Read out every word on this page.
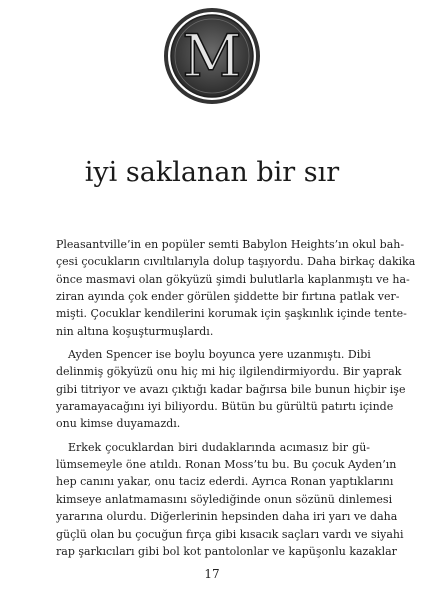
M
iyi saklanan bir sır
Pleasantville’in en popüler semti Babylon Heights’ın okul bah-
çesi çocukların cıvıltılarıyla dolup taşıyordu. Daha birkaç dakika
önce masmavi olan gökyüzü şimdi bulutlarla kaplanmıştı ve ha-
ziran ayında çok ender görülen şiddette bir fırtına patlak ver-
mişti. Çocuklar kendilerini korumak için şaşkınlık içinde tente-
nin altına koşuşturmuşlardı.
Ayden Spencer ise boylu boyunca yere uzanmıştı. Dibi
delinmiş gökyüzü onu hiç mi hiç ilgilendirmiyordu. Bir yaprak
gibi titriyor ve avazı çıktığı kadar bağırsa bile bunun hiçbir işe
yaramayacağını iyi biliyordu. Bütün bu gürültü patırtı içinde
onu kimse duyamazdı.
Erkek çocuklardan biri dudaklarında acımasız bir gü-
lümsemeyle öne atıldı. Ronan Moss’tu bu. Bu çocuk Ayden’ın
hep canını yakar, onu taciz ederdi. Ayrıca Ronan yaptıklarını
kimseye anlatmamasını söylediğinde onun sözünü dinlemesi
yararına olurdu. Diğerlerinin hepsinden daha iri yarı ve daha
güçlü olan bu çocuğun fırça gibi kısacık saçları vardı ve siyahi
rap şarkıcıları gibi bol kot pantolonlar ve kapüşonlu kazaklar
17
